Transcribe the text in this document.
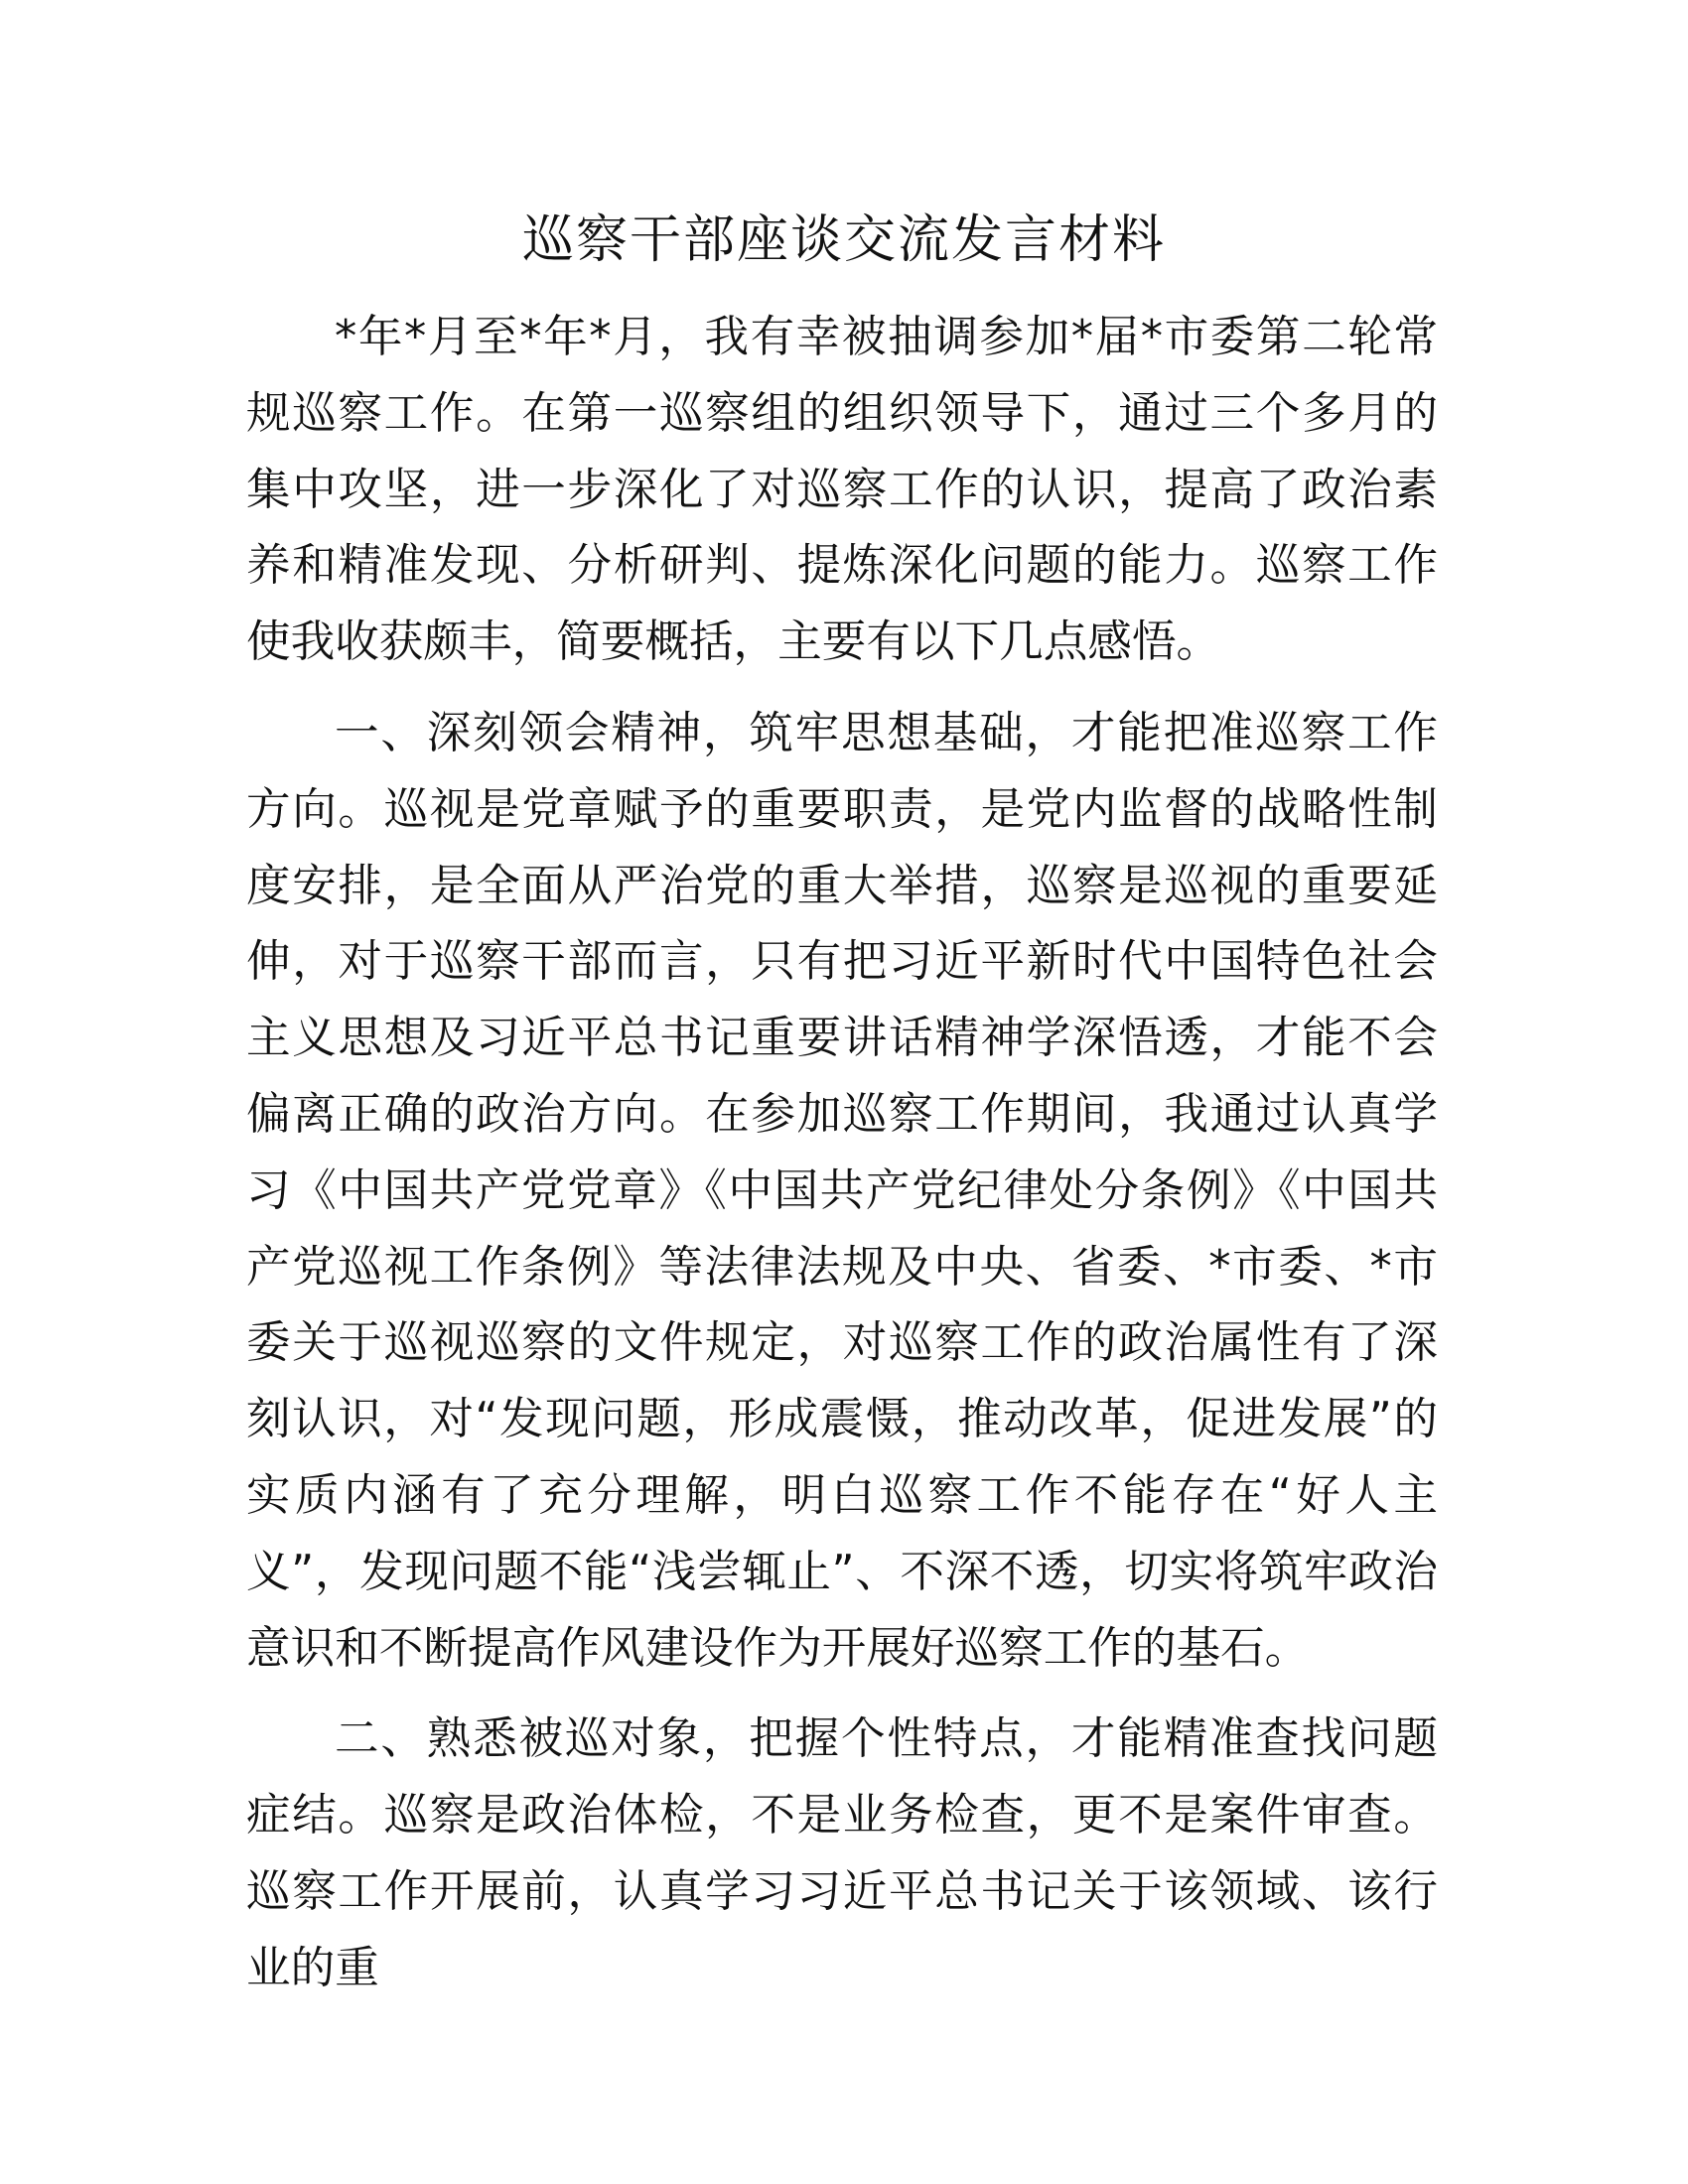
巡察干部座谈交流发言材料

*年*月至*年*月，我有幸被抽调参加*届*市委第二轮常规巡察工作。在第一巡察组的组织领导下，通过三个多月的集中攻坚，进一步深化了对巡察工作的认识，提高了政治素养和精准发现、分析研判、提炼深化问题的能力。巡察工作使我收获颇丰，简要概括，主要有以下几点感悟。

一、深刻领会精神，筑牢思想基础，才能把准巡察工作方向。巡视是党章赋予的重要职责，是党内监督的战略性制度安排，是全面从严治党的重大举措，巡察是巡视的重要延伸，对于巡察干部而言，只有把习近平新时代中国特色社会主义思想及习近平总书记重要讲话精神学深悟透，才能不会偏离正确的政治方向。在参加巡察工作期间，我通过认真学习《中国共产党党章》《中国共产党纪律处分条例》《中国共产党巡视工作条例》等法律法规及中央、省委、*市委、*市委关于巡视巡察的文件规定，对巡察工作的政治属性有了深刻认识，对“发现问题，形成震慑，推动改革，促进发展”的实质内涵有了充分理解，明白巡察工作不能存在“好人主义”，发现问题不能“浅尝辄止”、不深不透，切实将筑牢政治意识和不断提高作风建设作为开展好巡察工作的基石。

二、熟悉被巡对象，把握个性特点，才能精准查找问题症结。巡察是政治体检，不是业务检查，更不是案件审查。巡察工作开展前，认真学习习近平总书记关于该领域、该行业的重
